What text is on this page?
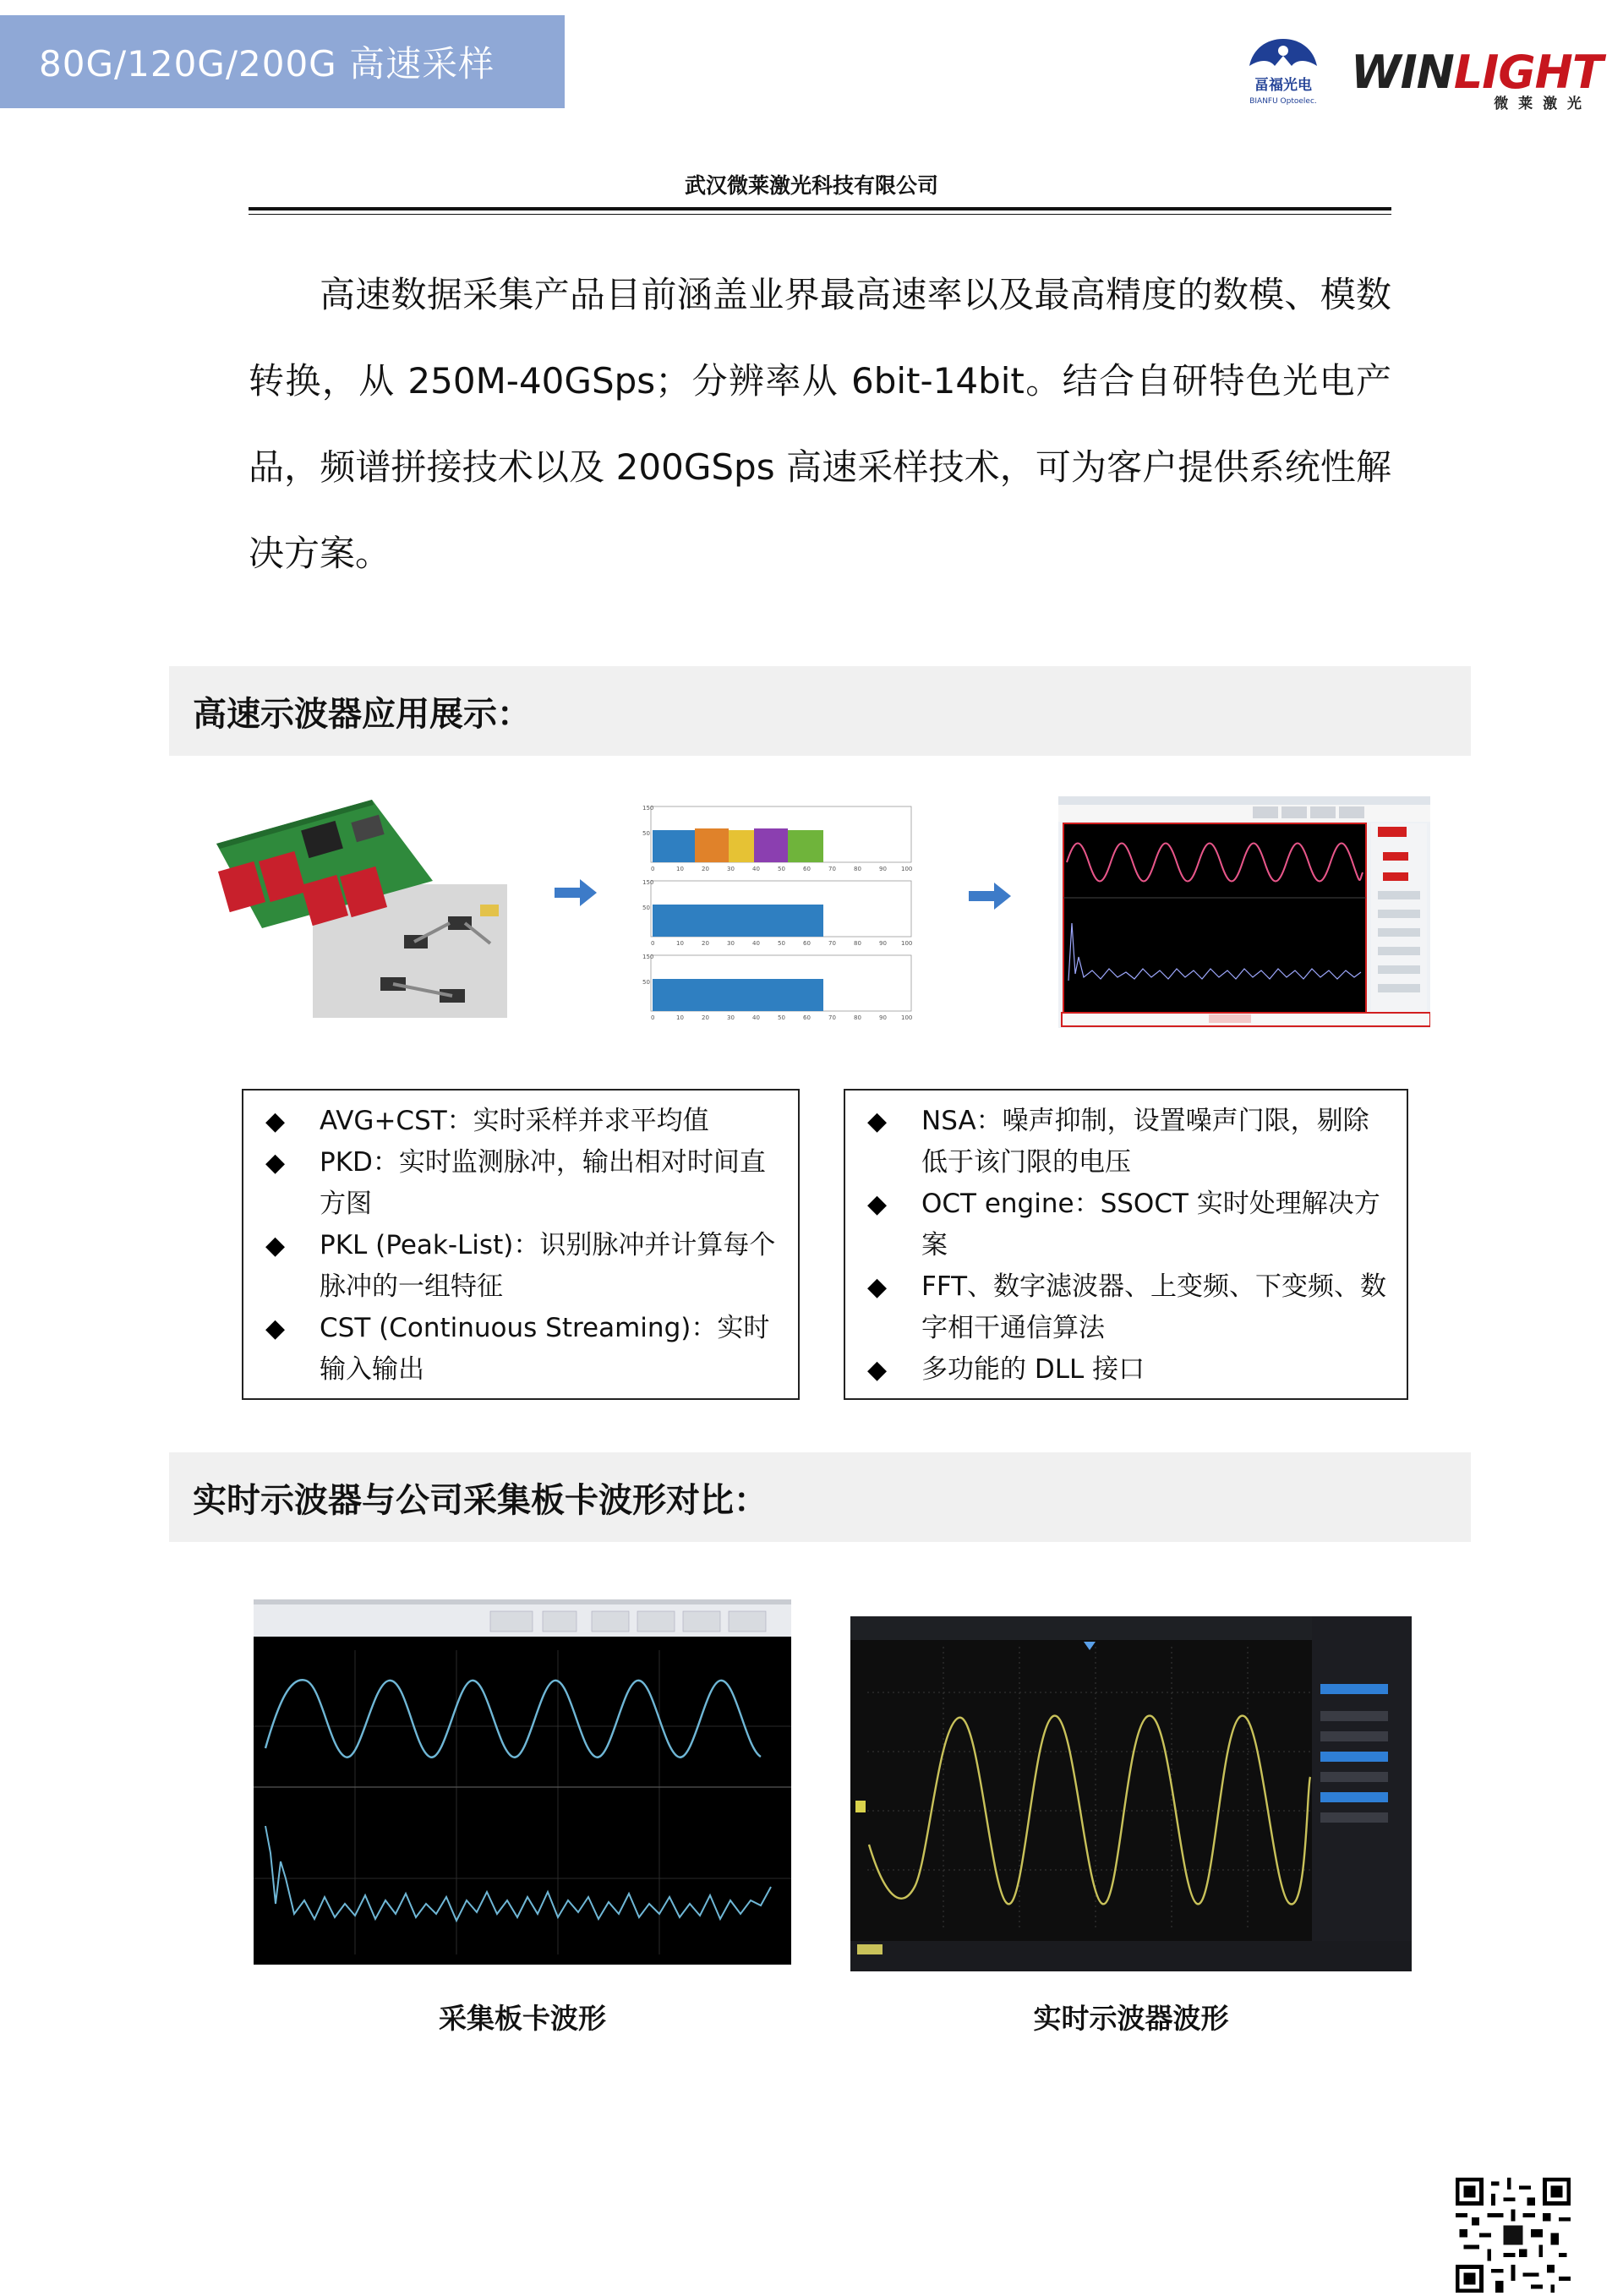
80G/120G/200G 高速采样
畐福光电
BIANFU Optoelec.
WINLIGHT
微 莱 激 光
武汉微莱激光科技有限公司

高速数据采集产品目前涵盖业界最高速率以及最高精度的数模、模数转换，从 250M-40GSps；分辨率从 6bit-14bit。结合自研特色光电产品，频谱拼接技术以及 200GSps 高速采样技术，可为客户提供系统性解决方案。

高速示波器应用展示：
150
50
150
50
150
50
0	10	20	30	40	50	60	70	80	90 100
0	10	20	30	40	50	60	70	80	90 100
0	10	20	30	40	50	60	70	80	90 100
◆ AVG+CST：实时采样并求平均值
◆ PKD：实时监测脉冲，输出相对时间直方图
◆ PKL (Peak-List)：识别脉冲并计算每个脉冲的一组特征
◆ CST (Continuous Streaming)：实时输入输出
◆ NSA：噪声抑制，设置噪声门限，剔除低于该门限的电压
◆ OCT engine：SSOCT 实时处理解决方案
◆ FFT、数字滤波器、上变频、下变频、数字相干通信算法
◆ 多功能的 DLL 接口
实时示波器与公司采集板卡波形对比：
采集板卡波形	实时示波器波形
